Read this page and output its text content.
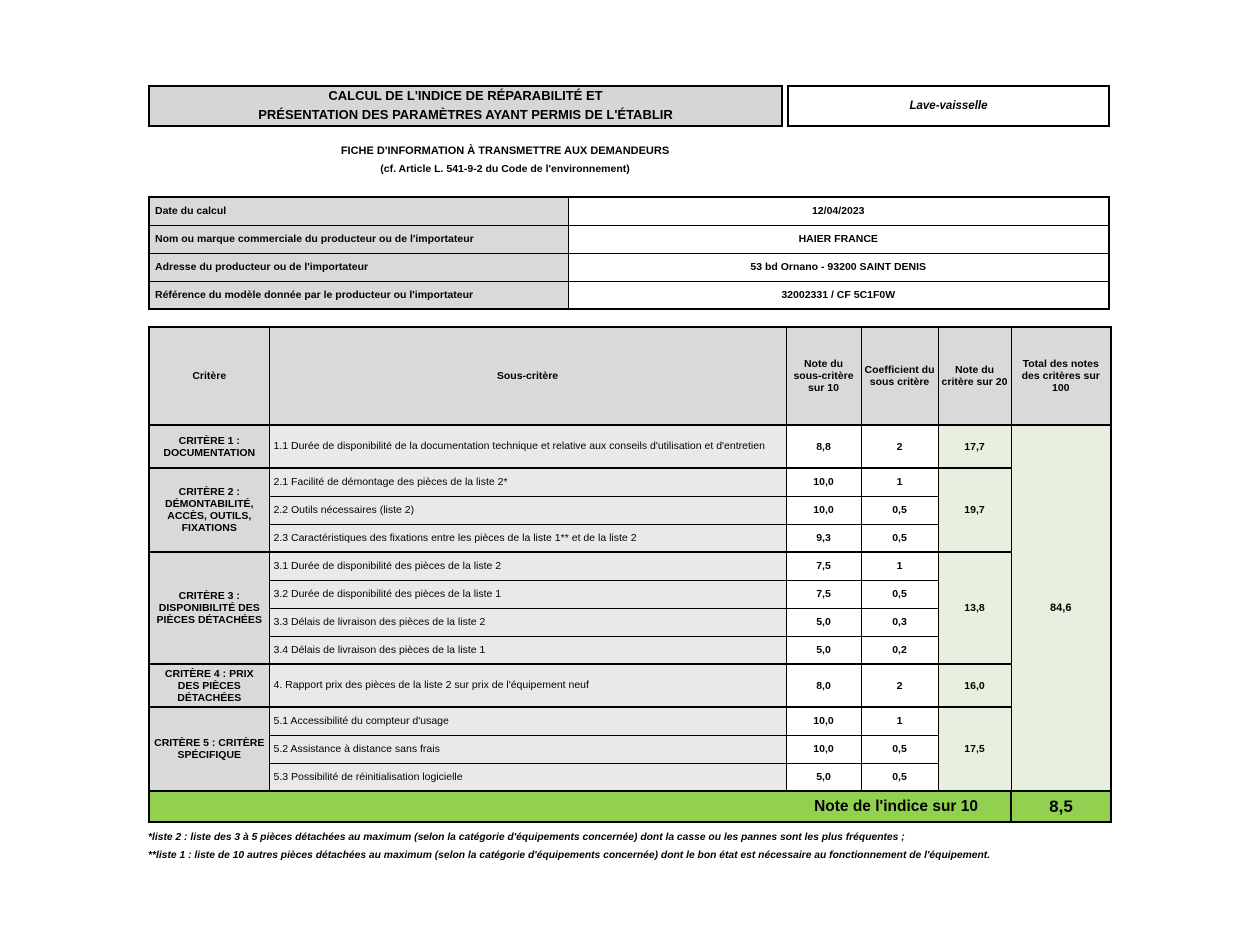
CALCUL DE L'INDICE DE RÉPARABILITÉ ET
PRÉSENTATION DES PARAMÈTRES AYANT PERMIS DE L'ÉTABLIR
Lave-vaisselle
FICHE D'INFORMATION À TRANSMETTRE AUX DEMANDEURS
(cf. Article L. 541-9-2 du Code de l'environnement)
Date du calcul	12/04/2023
Nom ou marque commerciale du producteur ou de l'importateur	HAIER FRANCE
Adresse du producteur ou de l'importateur	53 bd Ornano - 93200 SAINT DENIS
Référence du modèle donnée par le producteur ou l'importateur	32002331 / CF 5C1F0W
Critère	Sous-critère	Note du sous-critère sur 10	Coefficient du sous critère	Note du critère sur 20	Total des notes des critères sur 100
CRITÈRE 1 : DOCUMENTATION	1.1 Durée de disponibilité de la documentation technique et relative aux conseils d'utilisation et d'entretien	8,8	2	17,7	84,6
CRITÈRE 2 : DÉMONTABILITÉ, ACCÈS, OUTILS, FIXATIONS	2.1 Facilité de démontage des pièces de la liste 2*	10,0	1	19,7	
	2.2 Outils nécessaires (liste 2)	10,0	0,5		
	2.3 Caractéristiques des fixations entre les pièces de la liste 1** et de la liste 2	9,3	0,5		
CRITÈRE 3 : DISPONIBILITÉ DES PIÈCES DÉTACHÉES	3.1 Durée de disponibilité des pièces de la liste 2	7,5	1	13,8	
	3.2 Durée de disponibilité des pièces de la liste 1	7,5	0,5		
	3.3 Délais de livraison des pièces de la liste 2	5,0	0,3		
	3.4 Délais de livraison des pièces de la liste 1	5,0	0,2		
CRITÈRE 4 : PRIX DES PIÈCES DÉTACHÉES	4. Rapport prix des pièces de la liste 2 sur prix de l'équipement neuf	8,0	2	16,0	
CRITÈRE 5 : CRITÈRE SPÉCIFIQUE	5.1 Accessibilité du compteur d'usage	10,0	1	17,5	
	5.2 Assistance à distance sans frais	10,0	0,5		
	5.3 Possibilité de réinitialisation logicielle	5,0	0,5		
Note de l'indice sur 10					8,5
*liste 2 : liste des 3 à 5 pièces détachées au maximum (selon la catégorie d'équipements concernée) dont la casse ou les pannes sont les plus fréquentes ;
**liste 1 : liste de 10 autres pièces détachées au maximum (selon la catégorie d'équipements concernée) dont le bon état est nécessaire au fonctionnement de l'équipement.
